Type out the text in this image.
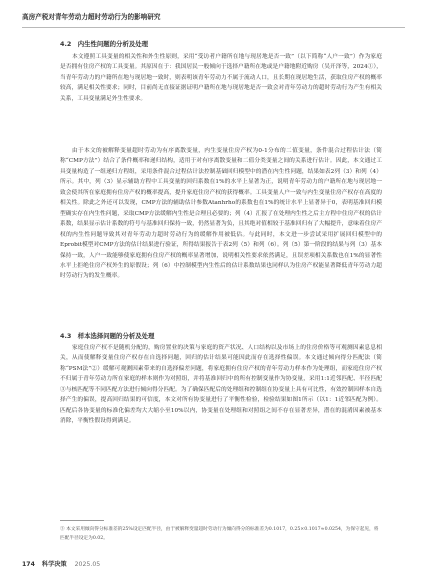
高房产税对青年劳动力超时劳动行为的影响研究
4.2　内生性问题的分析及处理

本文遵照工具变量的相关性和外生性原则，采用“受访者户籍所在地与现居地是否一致”（以下简称“人户一致”）作为家庭是否拥有住房产权的工具变量。其原因在于：我国居民一般倾向于选择户籍所在地或是户籍地附近购房（吴开泽等，2024①），当青年劳动力的户籍所在地与现居地一致时，则表明该青年劳动力不属于流动人口，且长期在现居地生活，获取住房产权的概率较高，满足相关性要求；同时，目前尚无直接证据证明户籍所在地与现居地是否一致会对青年劳动力的超时劳动行为产生有相关关系，工具变量满足外生性要求。

由于本文的被解释变量超时劳动为有序离散变量，内生变量住房产权为0-1分布的二值变量，条件混合过程估计法（简称“CMP方法”）结合了条件概率和递归结构，适用于对有序离散变量和二值分类变量之间的关系进行估计。因此，本文通过工具变量构造了一组递归方程组，采用条件混合过程估计法控制基础回归模型中的潜在内生性问题，结果如表2列（3）和列（4）所示。其中，列（3）显示辅助方程中工具变量的回归系数在1%的水平上显著为正，说明青年劳动力的户籍所在地与现居地一致会使其所在家庭拥有住房产权的概率提高，提升家庭住房产权的获得概率。工具变量人户一致与内生变量住房产权存在高度的相关性。除此之外还可以发现，CMP方法的辅助估计参数Atanhrho的系数也在1%的统计水平上显著异于0，表明基准回归模型确实存在内生性问题，采取CMP方法缓解内生性是合理且必要的；列（4）汇报了在处理内生性之后主方程中住房产权的估计系数，结果显示估计系数的符号与基准回归保持一致，仍然显著为负，且其绝对值相较于基准回归有了大幅提升，意味着住房产权的内生性问题导致其对青年劳动力超时劳动行为的缓解作用被低估。与此同时，本文进一步尝试采用扩展回归模型中的Eprobit模型对CMP方法的估计结果进行验证，所得结果报告于表2列（5）和列（6）。列（5）第一阶段的结果与列（3）基本保持一致，人户一致能够使家庭拥有住房产权的概率显著增加，说明相关性要求依然满足，且误差项相关系数也在1%的显著性水平上拒绝住房产权外生的原假设；列（6）中控制模型内生性后的估计系数结果也同样认为住房产权能显著降低青年劳动力超时劳动行为的发生概率。

4.3　样本选择问题的分析及处理

家庭住房产权不是随机分配的，购房置业的决策与家庭的资产状况、人口结构以及市场上的住房价格等可观测因素息息相关，从而使解释变量住房产权存在自选择问题，回归的估计结果可能因此而存在选择性偏误。本文通过倾向得分匹配法（简称“PSM法”②）缓解可观测因素带来的自选择偏差问题，将家庭拥有住房产权的青年劳动力样本作为处理组，而家庭住房产权不归属于青年劳动力所在家庭的样本则作为对照组，并将基准回归中的所有控制变量作为协变量，采用1:1近邻匹配、半径匹配③与核匹配等不同匹配方法进行倾向得分匹配。为了确保匹配后的处理组和控制组在协变量上具有可比性，有效控制因样本自选择产生的偏误，提高回归结果的可信度，本文对所有协变量进行了平衡性检验，检验结果如图1所示（以1：1近邻匹配为例）。匹配后各协变量的标准化偏差均大大缩小至10%以内，协变量在处理组和对照组之间不存在显著差异，潜在的混淆因素被基本消除，平衡性假设得到满足。

③ 本文采用倾向得分标准差的25%设定匹配半径，由于被解释变量超时劳动行为倾向得分的标准差为0.1017，0.25×0.1017≈0.0254，为保守起见，将匹配半径设定为0.02。

174 科学决策 2025.05
